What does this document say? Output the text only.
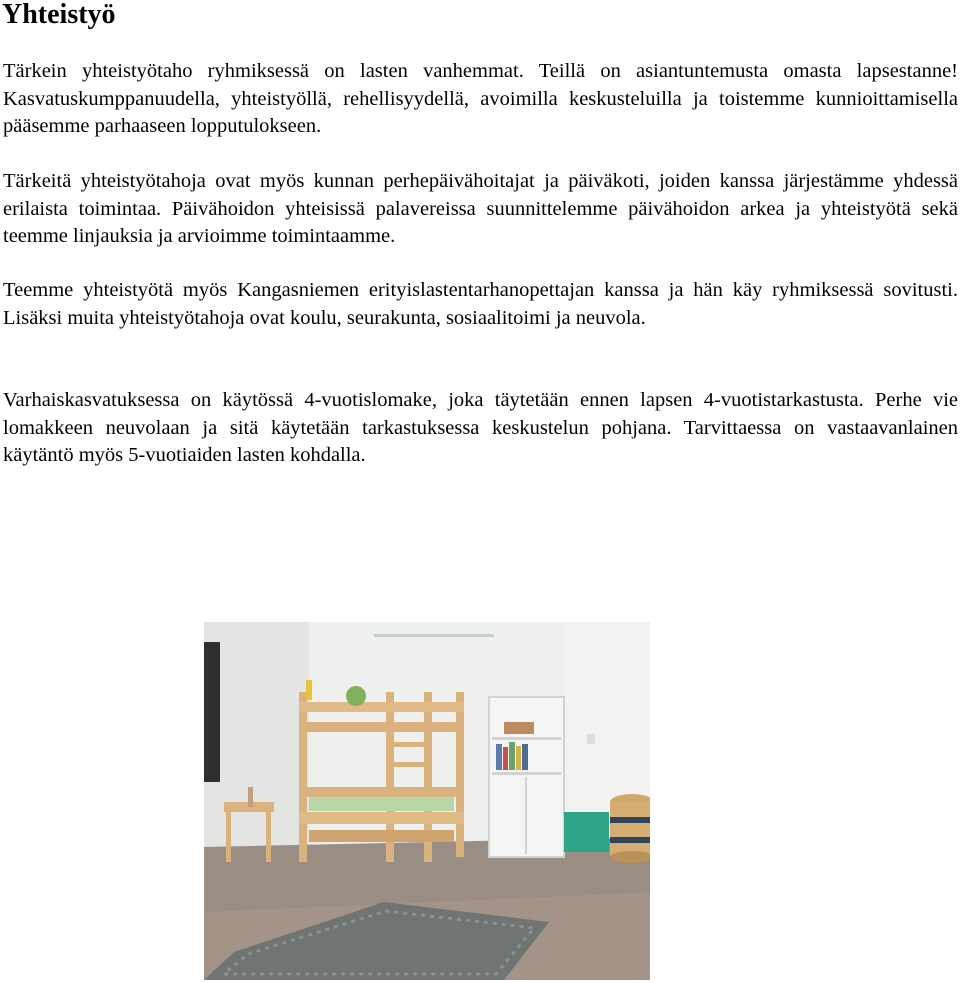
Yhteistyö

Tärkein yhteistyötaho ryhmiksessä on lasten vanhemmat. Teillä on asiantuntemusta omasta lapsestanne! Kasvatuskumppanuudella, yhteistyöllä, rehellisyydellä, avoimilla keskusteluilla ja toistemme kunnioittamisella pääsemme parhaaseen lopputulokseen.

Tärkeitä yhteistyötahoja ovat myös kunnan perhepäivähoitajat ja päiväkoti, joiden kanssa järjestämme yhdessä erilaista toimintaa. Päivähoidon yhteisissä palavereissa suunnittelemme päivähoidon arkea ja yhteistyötä sekä teemme linjauksia ja arvioimme toimintaamme.

Teemme yhteistyötä myös Kangasniemen erityislastentarhanopettajan kanssa ja hän käy ryhmiksessä sovitusti. Lisäksi muita yhteistyötahoja ovat koulu, seurakunta, sosiaalitoimi ja neuvola.

Varhaiskasvatuksessa on käytössä 4-vuotislomake, joka täytetään ennen lapsen 4-vuotistarkastusta. Perhe vie lomakkeen neuvolaan ja sitä käytetään tarkastuksessa keskustelun pohjana. Tarvittaessa on vastaavanlainen käytäntö myös 5-vuotiaiden lasten kohdalla.
